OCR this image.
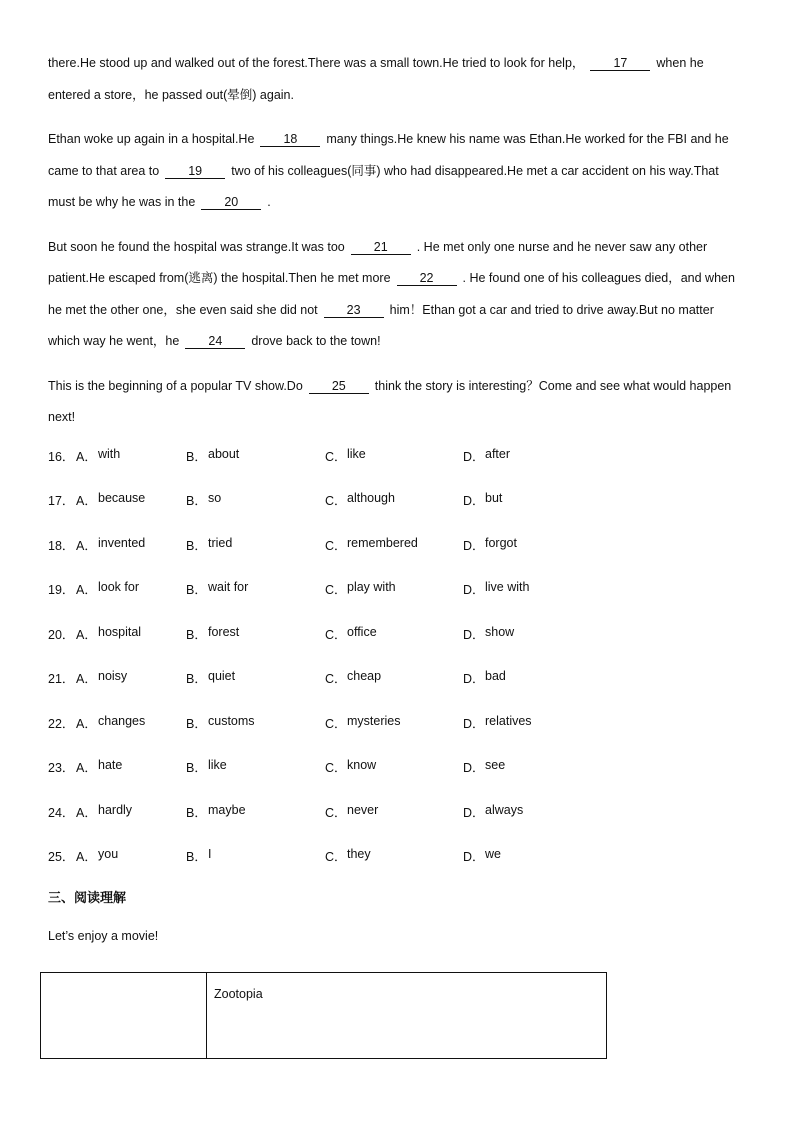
there.He stood up and walked out of the forest.There was a small town.He tried to look for help， 17 when he entered a store，he passed out(晕倒) again.

Ethan woke up again in a hospital.He 18 many things.He knew his name was Ethan.He worked for the FBI and he came to that area to 19 two of his colleagues(同事) who had disappeared.He met a car accident on his way.That must be why he was in the 20 .

But soon he found the hospital was strange.It was too 21 . He met only one nurse and he never saw any other patient.He escaped from(逃离) the hospital.Then he met more 22 . He found one of his colleagues died，and when he met the other one，she even said she did not 23 him！Ethan got a car and tried to drive away.But no matter which way he went，he 24 drove back to the town!

This is the beginning of a popular TV show.Do 25 think the story is interesting？Come and see what would happen next!

16． A． with	B． about	C． like	D． after
17． A． because	B． so	C． although	D． but
18． A． invented	B． tried	C． remembered	D． forgot
19． A． look for	B． wait for	C． play with	D． live with
20． A． hospital	B． forest	C． office	D． show
21． A． noisy	B． quiet	C． cheap	D． bad
22． A． changes	B． customs	C． mysteries	D． relatives
23． A． hate	B． like	C． know	D． see
24． A． hardly	B． maybe	C． never	D． always
25． A． you	B． I	C． they	D． we
三、阅读理解
Let’s enjoy a movie!
	Zootopia
